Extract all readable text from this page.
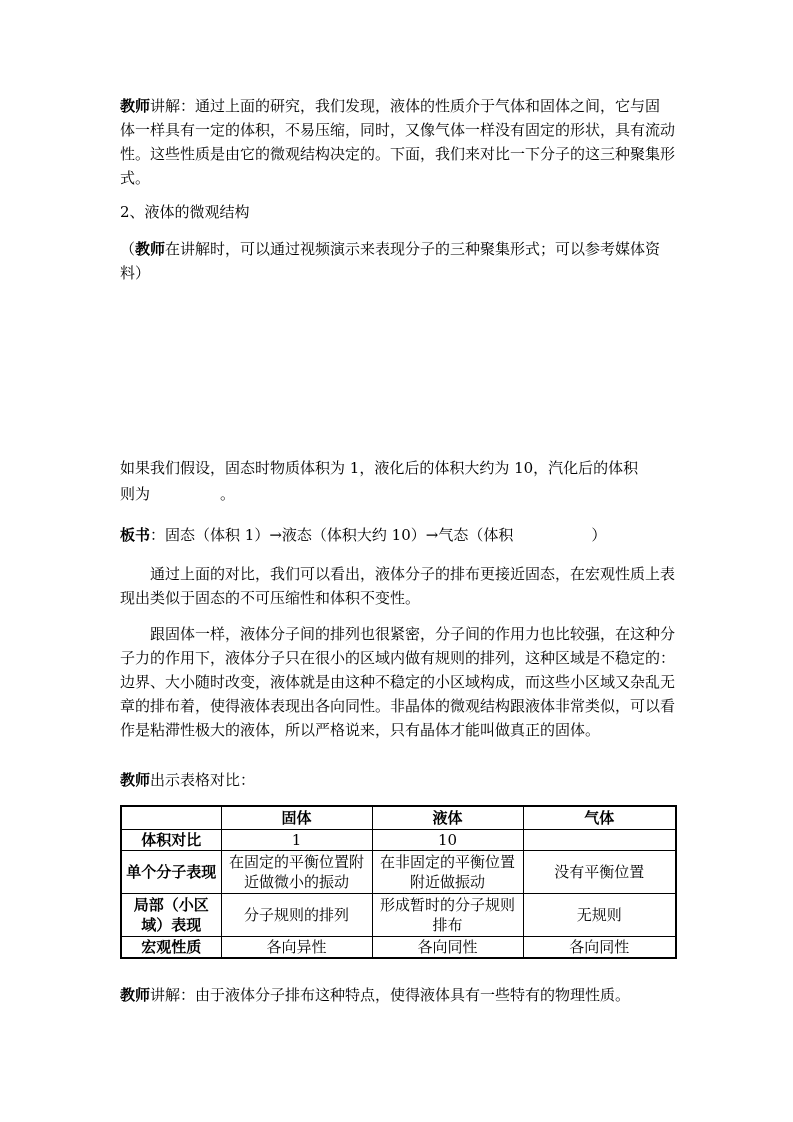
教师讲解：通过上面的研究，我们发现，液体的性质介于气体和固体之间，它与固体一样具有一定的体积，不易压缩，同时，又像气体一样没有固定的形状，具有流动性。这些性质是由它的微观结构决定的。下面，我们来对比一下分子的这三种聚集形式。

2、液体的微观结构

（教师在讲解时，可以通过视频演示来表现分子的三种聚集形式；可以参考媒体资料）

如果我们假设，固态时物质体积为 1，液化后的体积大约为 10，汽化后的体积
则为	。

板书：固态（体积 1）→液态（体积大约 10）→气态（体积	）

通过上面的对比，我们可以看出，液体分子的排布更接近固态，在宏观性质上表现出类似于固态的不可压缩性和体积不变性。

跟固体一样，液体分子间的排列也很紧密，分子间的作用力也比较强，在这种分子力的作用下，液体分子只在很小的区域内做有规则的排列，这种区域是不稳定的：边界、大小随时改变，液体就是由这种不稳定的小区域构成，而这些小区域又杂乱无章的排布着，使得液体表现出各向同性。非晶体的微观结构跟液体非常类似，可以看作是粘滞性极大的液体，所以严格说来，只有晶体才能叫做真正的固体。

教师出示表格对比：

	固体	液体	气体
体积对比	1	10	
单个分子表现	在固定的平衡位置附近做微小的振动	在非固定的平衡位置附近做振动	没有平衡位置
局部（小区域）表现	分子规则的排列	形成暂时的分子规则排布	无规则
宏观性质	各向异性	各向同性	各向同性

教师讲解：由于液体分子排布这种特点，使得液体具有一些特有的物理性质。
